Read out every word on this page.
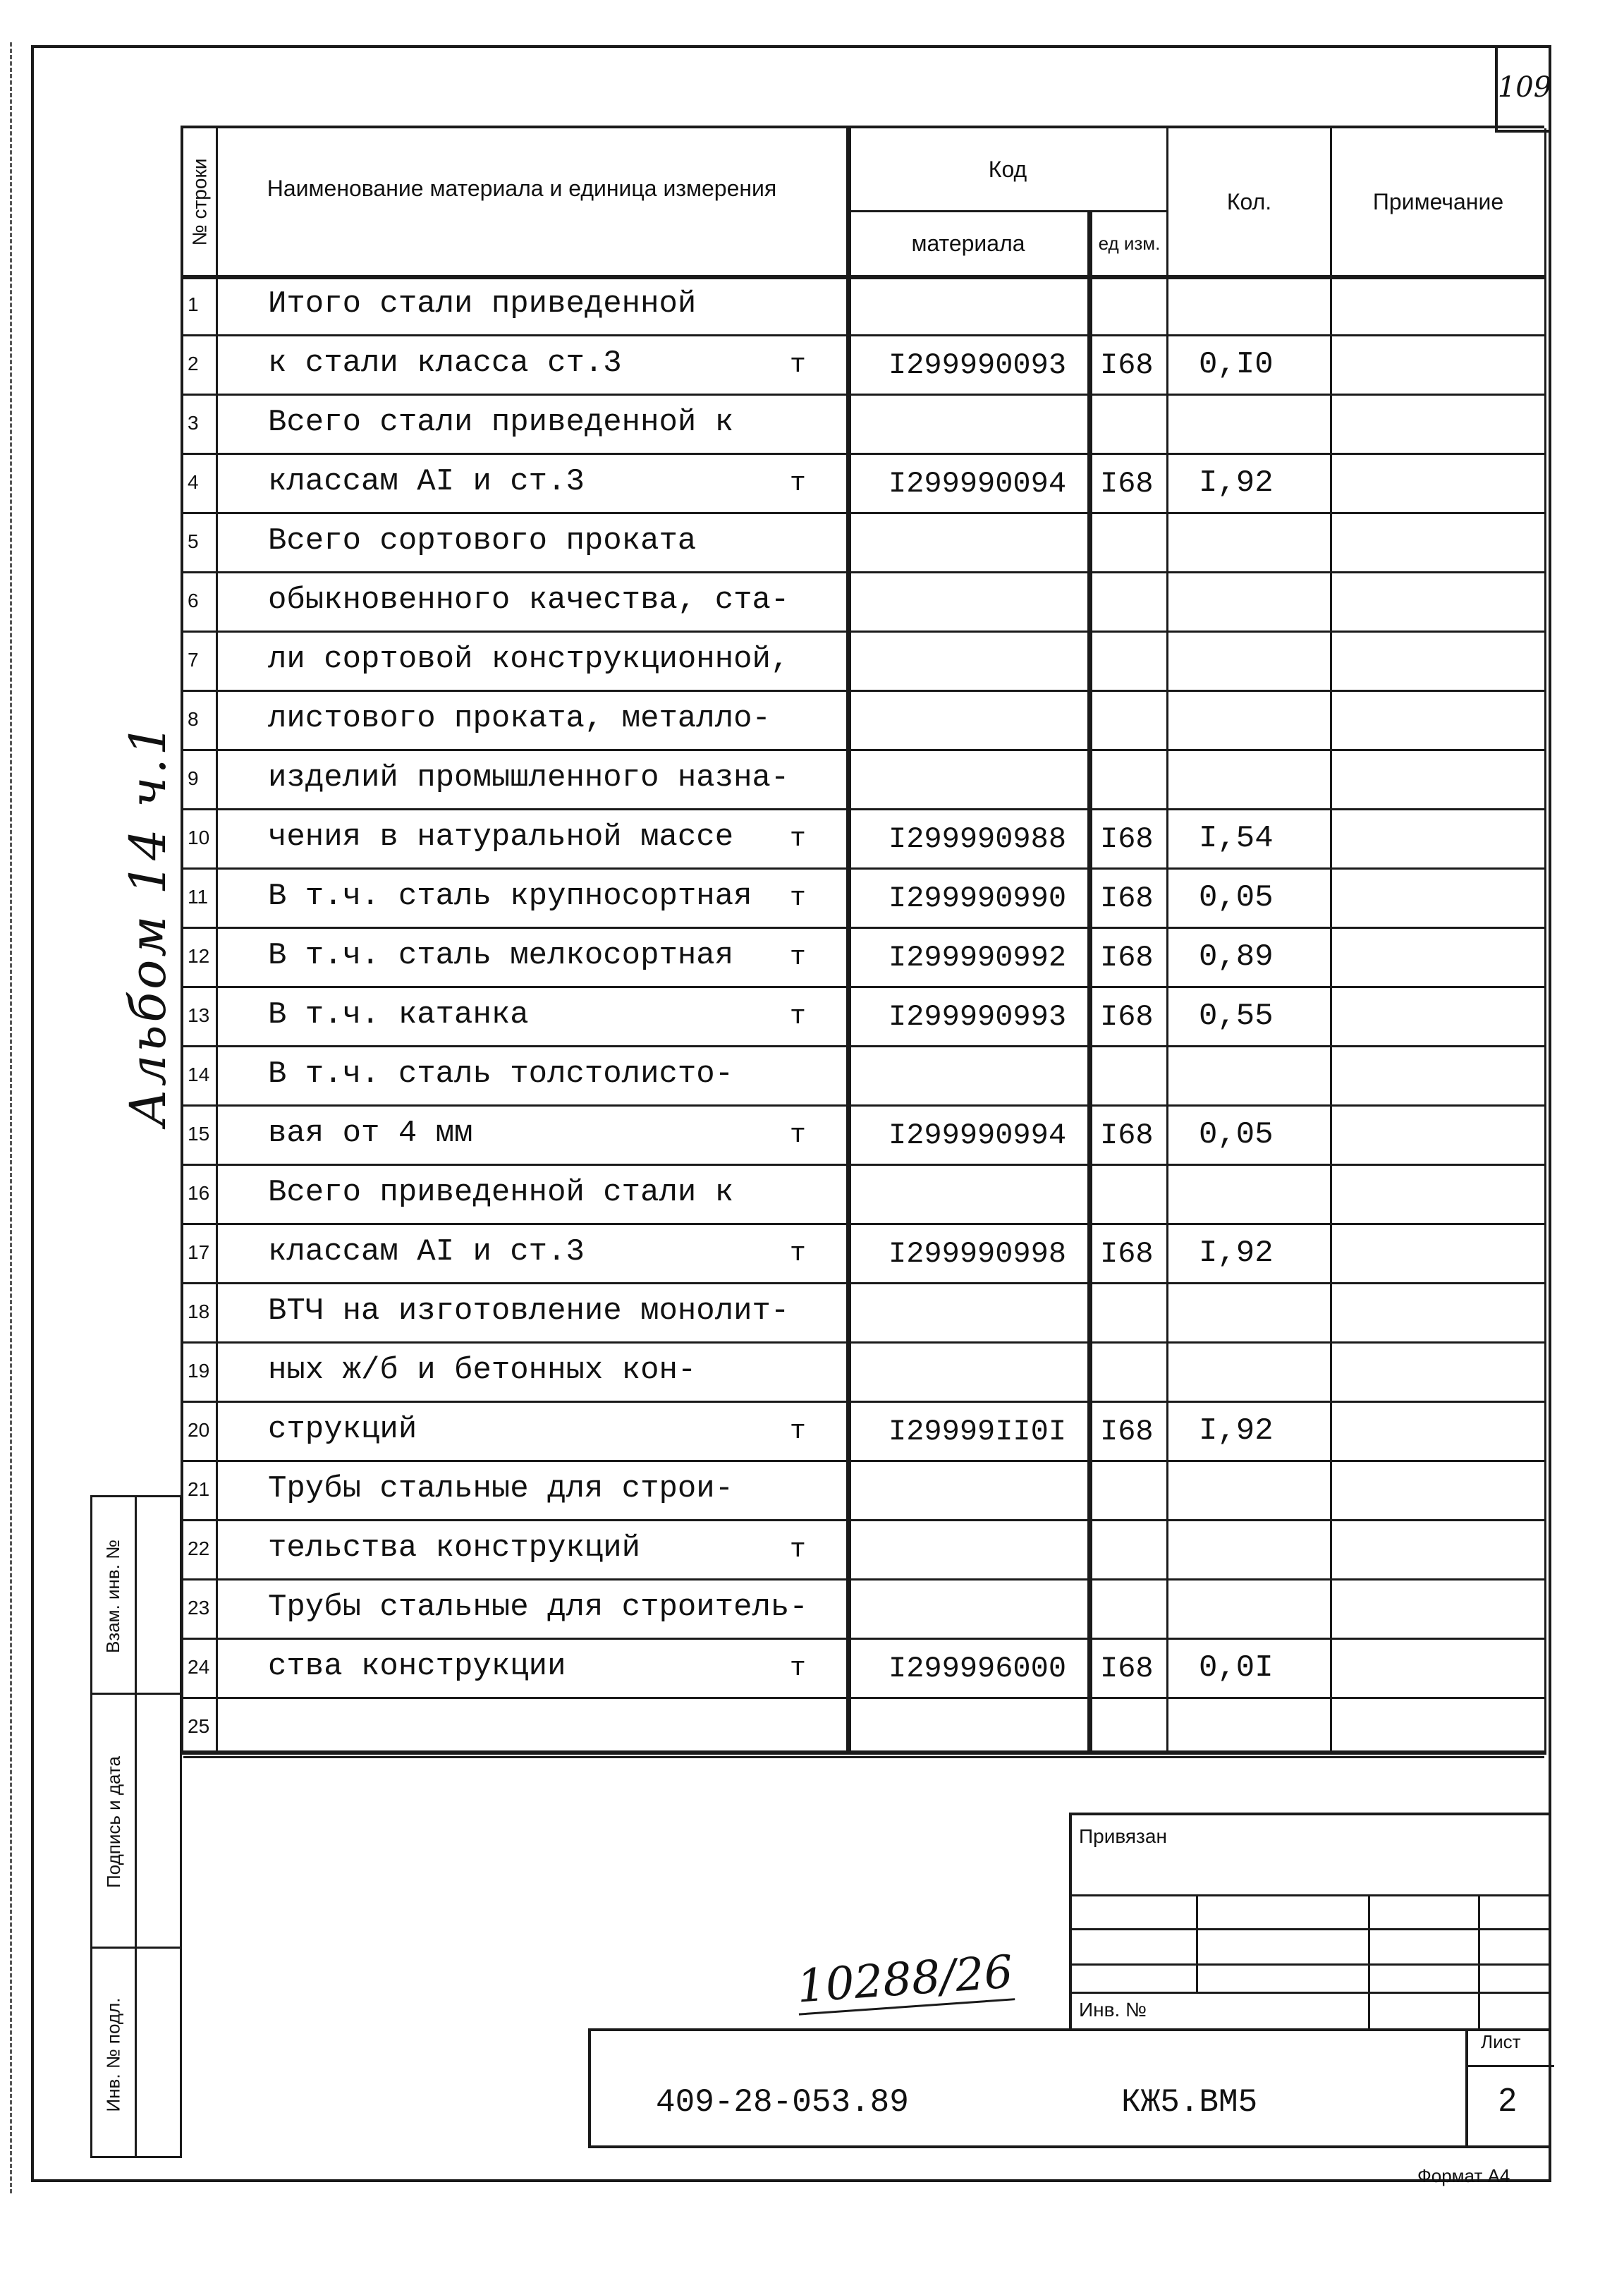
109
Альбом 14 ч.1
№ строки	Наименование материала и единица измерения
Код
материала	ед изм.
Кол.	Примечание
1 Итого стали приведенной
2 к стали класса ст.3	т	I299990093 I68 0,I0
3 Всего стали приведенной к
4 классам АI и ст.3	т	I299990094 I68 I,92
5 Всего сортового проката
6 обыкновенного качества, ста-
7 ли сортовой конструкционной,
8 листового проката, металло-
9 изделий промышленного назна-
10 чения в натуральной массе т	I299990988 I68 I,54
11 В т.ч. сталь крупносортная т	I299990990 I68 0,05
12 В т.ч. сталь мелкосортная т	I299990992 I68 0,89
13 В т.ч. катанка	т	I299990993 I68 0,55
14 В т.ч. сталь толстолисто-
15 вая от 4 мм	т	I299990994 I68 0,05
16 Всего приведенной стали к
17 классам АI и ст.3	т	I299990998 I68 I,92
18 ВТЧ на изготовление монолит-
19 ных ж/б и бетонных кон-
20 струкций	т	I29999II0I I68 I,92
21 Трубы стальные для строи-
22 тельства конструкций	т
23 Трубы стальные для строитель-
24 ства конструкции	т	I299996000 I68 0,0I
25
Взам. инв. №
Подпись и дата
Инв. № подл.
Привязан
Инв. №
10288/26
409-28-053.89	КЖ5.ВМ5
Лист
2
Формат А4
